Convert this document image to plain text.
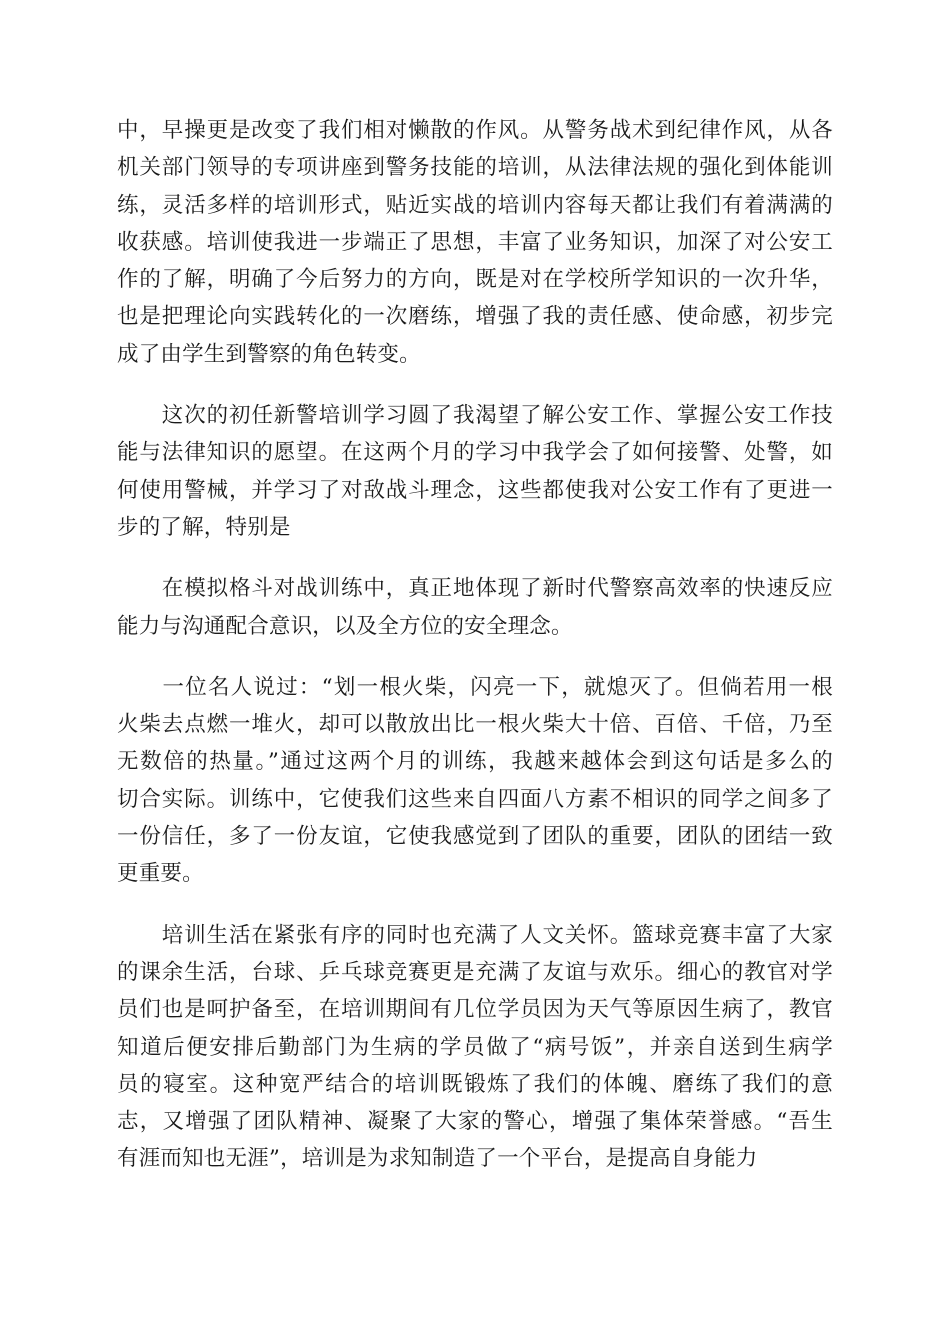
中，早操更是改变了我们相对懒散的作风。从警务战术到纪律作风，从各
机关部门领导的专项讲座到警务技能的培训，从法律法规的强化到体能训
练，灵活多样的培训形式，贴近实战的培训内容每天都让我们有着满满的
收获感。培训使我进一步端正了思想，丰富了业务知识，加深了对公安工
作的了解，明确了今后努力的方向，既是对在学校所学知识的一次升华，
也是把理论向实践转化的一次磨练，增强了我的责任感、使命感，初步完
成了由学生到警察的角色转变。
　　这次的初任新警培训学习圆了我渴望了解公安工作、掌握公安工作技
能与法律知识的愿望。在这两个月的学习中我学会了如何接警、处警，如
何使用警械，并学习了对敌战斗理念，这些都使我对公安工作有了更进一
步的了解，特别是
　　在模拟格斗对战训练中，真正地体现了新时代警察高效率的快速反应
能力与沟通配合意识，以及全方位的安全理念。
　　一位名人说过：“划一根火柴，闪亮一下，就熄灭了。但倘若用一根
火柴去点燃一堆火，却可以散放出比一根火柴大十倍、百倍、千倍，乃至
无数倍的热量。”通过这两个月的训练，我越来越体会到这句话是多么的
切合实际。训练中，它使我们这些来自四面八方素不相识的同学之间多了
一份信任，多了一份友谊，它使我感觉到了团队的重要，团队的团结一致
更重要。
　　培训生活在紧张有序的同时也充满了人文关怀。篮球竞赛丰富了大家
的课余生活，台球、乒乓球竞赛更是充满了友谊与欢乐。细心的教官对学
员们也是呵护备至，在培训期间有几位学员因为天气等原因生病了，教官
知道后便安排后勤部门为生病的学员做了“病号饭”，并亲自送到生病学
员的寝室。这种宽严结合的培训既锻炼了我们的体魄、磨练了我们的意
志，又增强了团队精神、凝聚了大家的警心，增强了集体荣誉感。“吾生
有涯而知也无涯”，培训是为求知制造了一个平台，是提高自身能力
